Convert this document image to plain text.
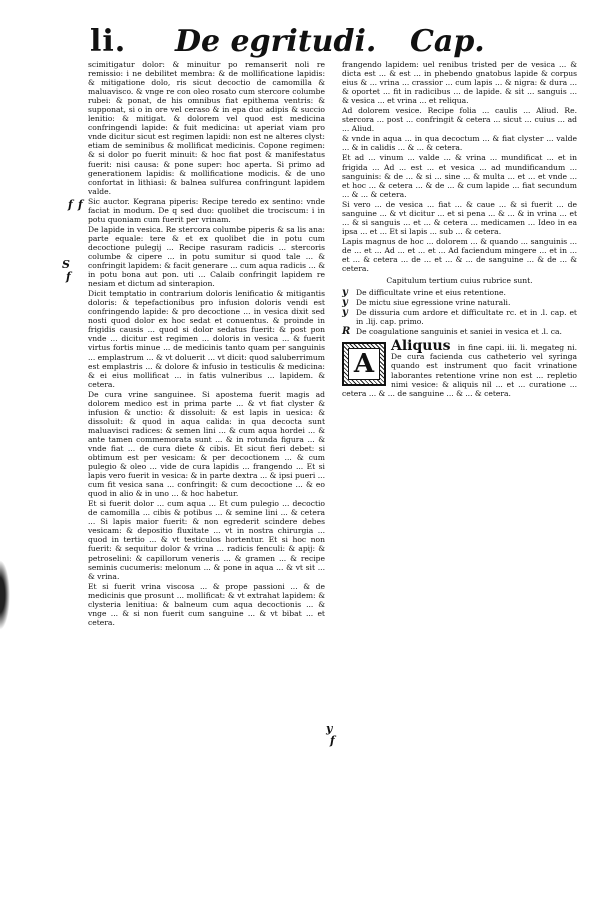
li. De egritudi. Cap.
f f
S
f
y
f

scimitigatur dolor: & minuitur po remanserit noli re remissio: i ne debilitet membra: & de mollificatione lapidis: & mitigatione dolo, ris sicut decoctio de camomilla & maluavisco. & vnge re con oleo rosato cum stercore columbe rubei: & ponat, de his omnibus fiat epithema ventris: & supponat, si o in ore vel ceraso & in epa duc adipis & succio lenitio: & mitigat. & dolorem vel quod est medicina confringendi lapide: & fuit medicina: ut aperiat viam pro vnde dicitur sicut est regimen lapidi: non est ne alteres clyst: etiam de seminibus & mollificat medicinis. Copone regimen: & si dolor po fuerit minuit: & hoc fiat post & manifestatus fuerit: nisi causa: & pone super: hoc aperta. Si primo ad generationem lapidis: & mollificatione modicis. & de uno confortat in lithiasi: & balnea sulfurea confringunt lapidem valde.

Sic auctor. Kegrana piperis: Recipe teredo ex sentino: vnde faciat in modum. De q sed duo: quolibet die trociscum: i in potu quoniam cum fuerit per vrinam.

De lapide in vesica. Re stercora columbe piperis & sa lis ana: parte equale: tere & et ex quolibet die in potu cum decoctione pulegij ... Recipe rasuram radicis ... stercoris columbe & cipere ... in potu sumitur si quod tale ... & confringit lapidem: & facit generare ... cum aqua radicis ... & in potu bona aut pon. uti ... Calaib confringit lapidem re nesiam et dictum ad sinterapion.

Dicit temptatio in contrarium doloris lenificatio & mitigantis doloris: & tepefactionibus pro infusion doloris vendi est confringendo lapide: & pro decoctione ... in vesica dixit sed nosti quod dolor ex hoc sedat et conuentus. & proinde in frigidis causis ... quod si dolor sedatus fuerit: & post pon vnde ... dicitur est regimen ... doloris in vesica ... & fuerit virtus fortis minue ... de medicinis tanto quam per sanguinis ... emplastrum ... & vt doluerit ... vt dicit: quod saluberrimum est emplastris ... & dolore & infusio in testiculis & medicina: & ei eius mollificat ... in fatis vulneribus ... lapidem. & cetera.

De cura vrine sanguinee. Si apostema fuerit magis ad dolorem medico est in prima parte ... & vt fiat clyster & infusion & unctio: & dissoluit: & est lapis in uesica: & dissoluit: & quod in aqua calida: in qua decocta sunt maluavisci radices: & semen lini ... & cum aqua hordei ... & ante tamen commemorata sunt ... & in rotunda figura ... & vnde fiat ... de cura diete & cibis. Et sicut fieri debet: si obtimum est per vesicam: & per decoctionem ... & cum pulegio & oleo ... vide de cura lapidis ... frangendo ... Et si lapis vero fuerit in vesica: & in parte dextra ... & ipsi pueri ... cum fit vesica sana ... confringit: & cum decoctione ... & eo quod in alio & in uno ... & hoc habetur.

Et si fuerit dolor ... cum aqua ... Et cum pulegio ... decoctio de camomilla ... cibis & potibus ... & semine lini ... & cetera ... Si lapis maior fuerit: & non egrederit scindere debes vesicam: & depositio fluxitate ... vt in nostra chirurgia ... quod in tertio ... & vt testiculos hortentur. Et si hoc non fuerit: & sequitur dolor & vrina ... radicis fenculi: & apij: & petroselini: & capillorum veneris ... & gramen ... & recipe seminis cucumeris: melonum ... & pone in aqua ... & vt sit ... & vrina.

Et si fuerit vrina viscosa ... & prope passioni ... & de medicinis que prosunt ... mollificat: & vt extrahat lapidem: & clysteria lenitiua: & balneum cum aqua decoctionis ... & vnge ... & si non fuerit cum sanguine ... & vt bibat ... et cetera.

frangendo lapidem: uel renibus tristed per de vesica ... & dicta est ... & est ... in phebendo gnatobus lapide & corpus eius & ... vrina ... crassior ... cum lapis ... & nigra: & dura ... & oportet ... fit in radicibus ... de lapide. & sit ... sanguis ... & vesica ... et vrina ... et reliqua.

Ad dolorem vesice. Recipe folia ... caulis ... Aliud. Re. stercora ... post ... confringit & cetera ... sicut ... cuius ... ad ... Aliud.

& vnde in aqua ... in qua decoctum ... & fiat clyster ... valde ... & in calidis ... & ... & cetera.

Et ad ... vinum ... valde ... & vrina ... mundificat ... et in frigida ... Ad ... est ... et vesica ... ad mundificandum ... sanguinis: & de ... & si ... sine ... & multa ... et ... et vnde ... et hoc ... & cetera ... & de ... & cum lapide ... fiat secundum ... & ... & cetera.

Si vero ... de vesica ... fiat ... & caue ... & si fuerit ... de sanguine ... & vt dicitur ... et si pena ... & ... & in vrina ... et ... & si sanguis ... et ... & cetera ... medicamen ... Ideo in ea ipsa ... et ... Et si lapis ... sub ... & cetera.

Lapis magnus de hoc ... dolorem ... & quando ... sanguinis ... de ... et ... Ad ... et ... et ... Ad faciendum mingere ... et in ... et ... & cetera ... de ... et ... & ... de sanguine ... & de ... & cetera.

Capitulum tertium cuius rubrice sunt.

y	De difficultate vrine et eius retentione.
y	De mictu siue egressione vrine naturali.
y	De dissuria cum ardore et difficultate rc. et in .l. cap. et in .lij. cap. primo.
R De coagulatione sanguinis et saniei in vesica et .l. ca.
A

Aliquus in fine capi. iii. li. megateg ni. De cura facienda cus catheterio vel syringa quando est instrument quo facit vrinatione laborantes retentione vrine non est ... repletio nimi vesice: & aliquis nil ... et ... curatione ... cetera ... & ... de sanguine ... & ... & cetera.
